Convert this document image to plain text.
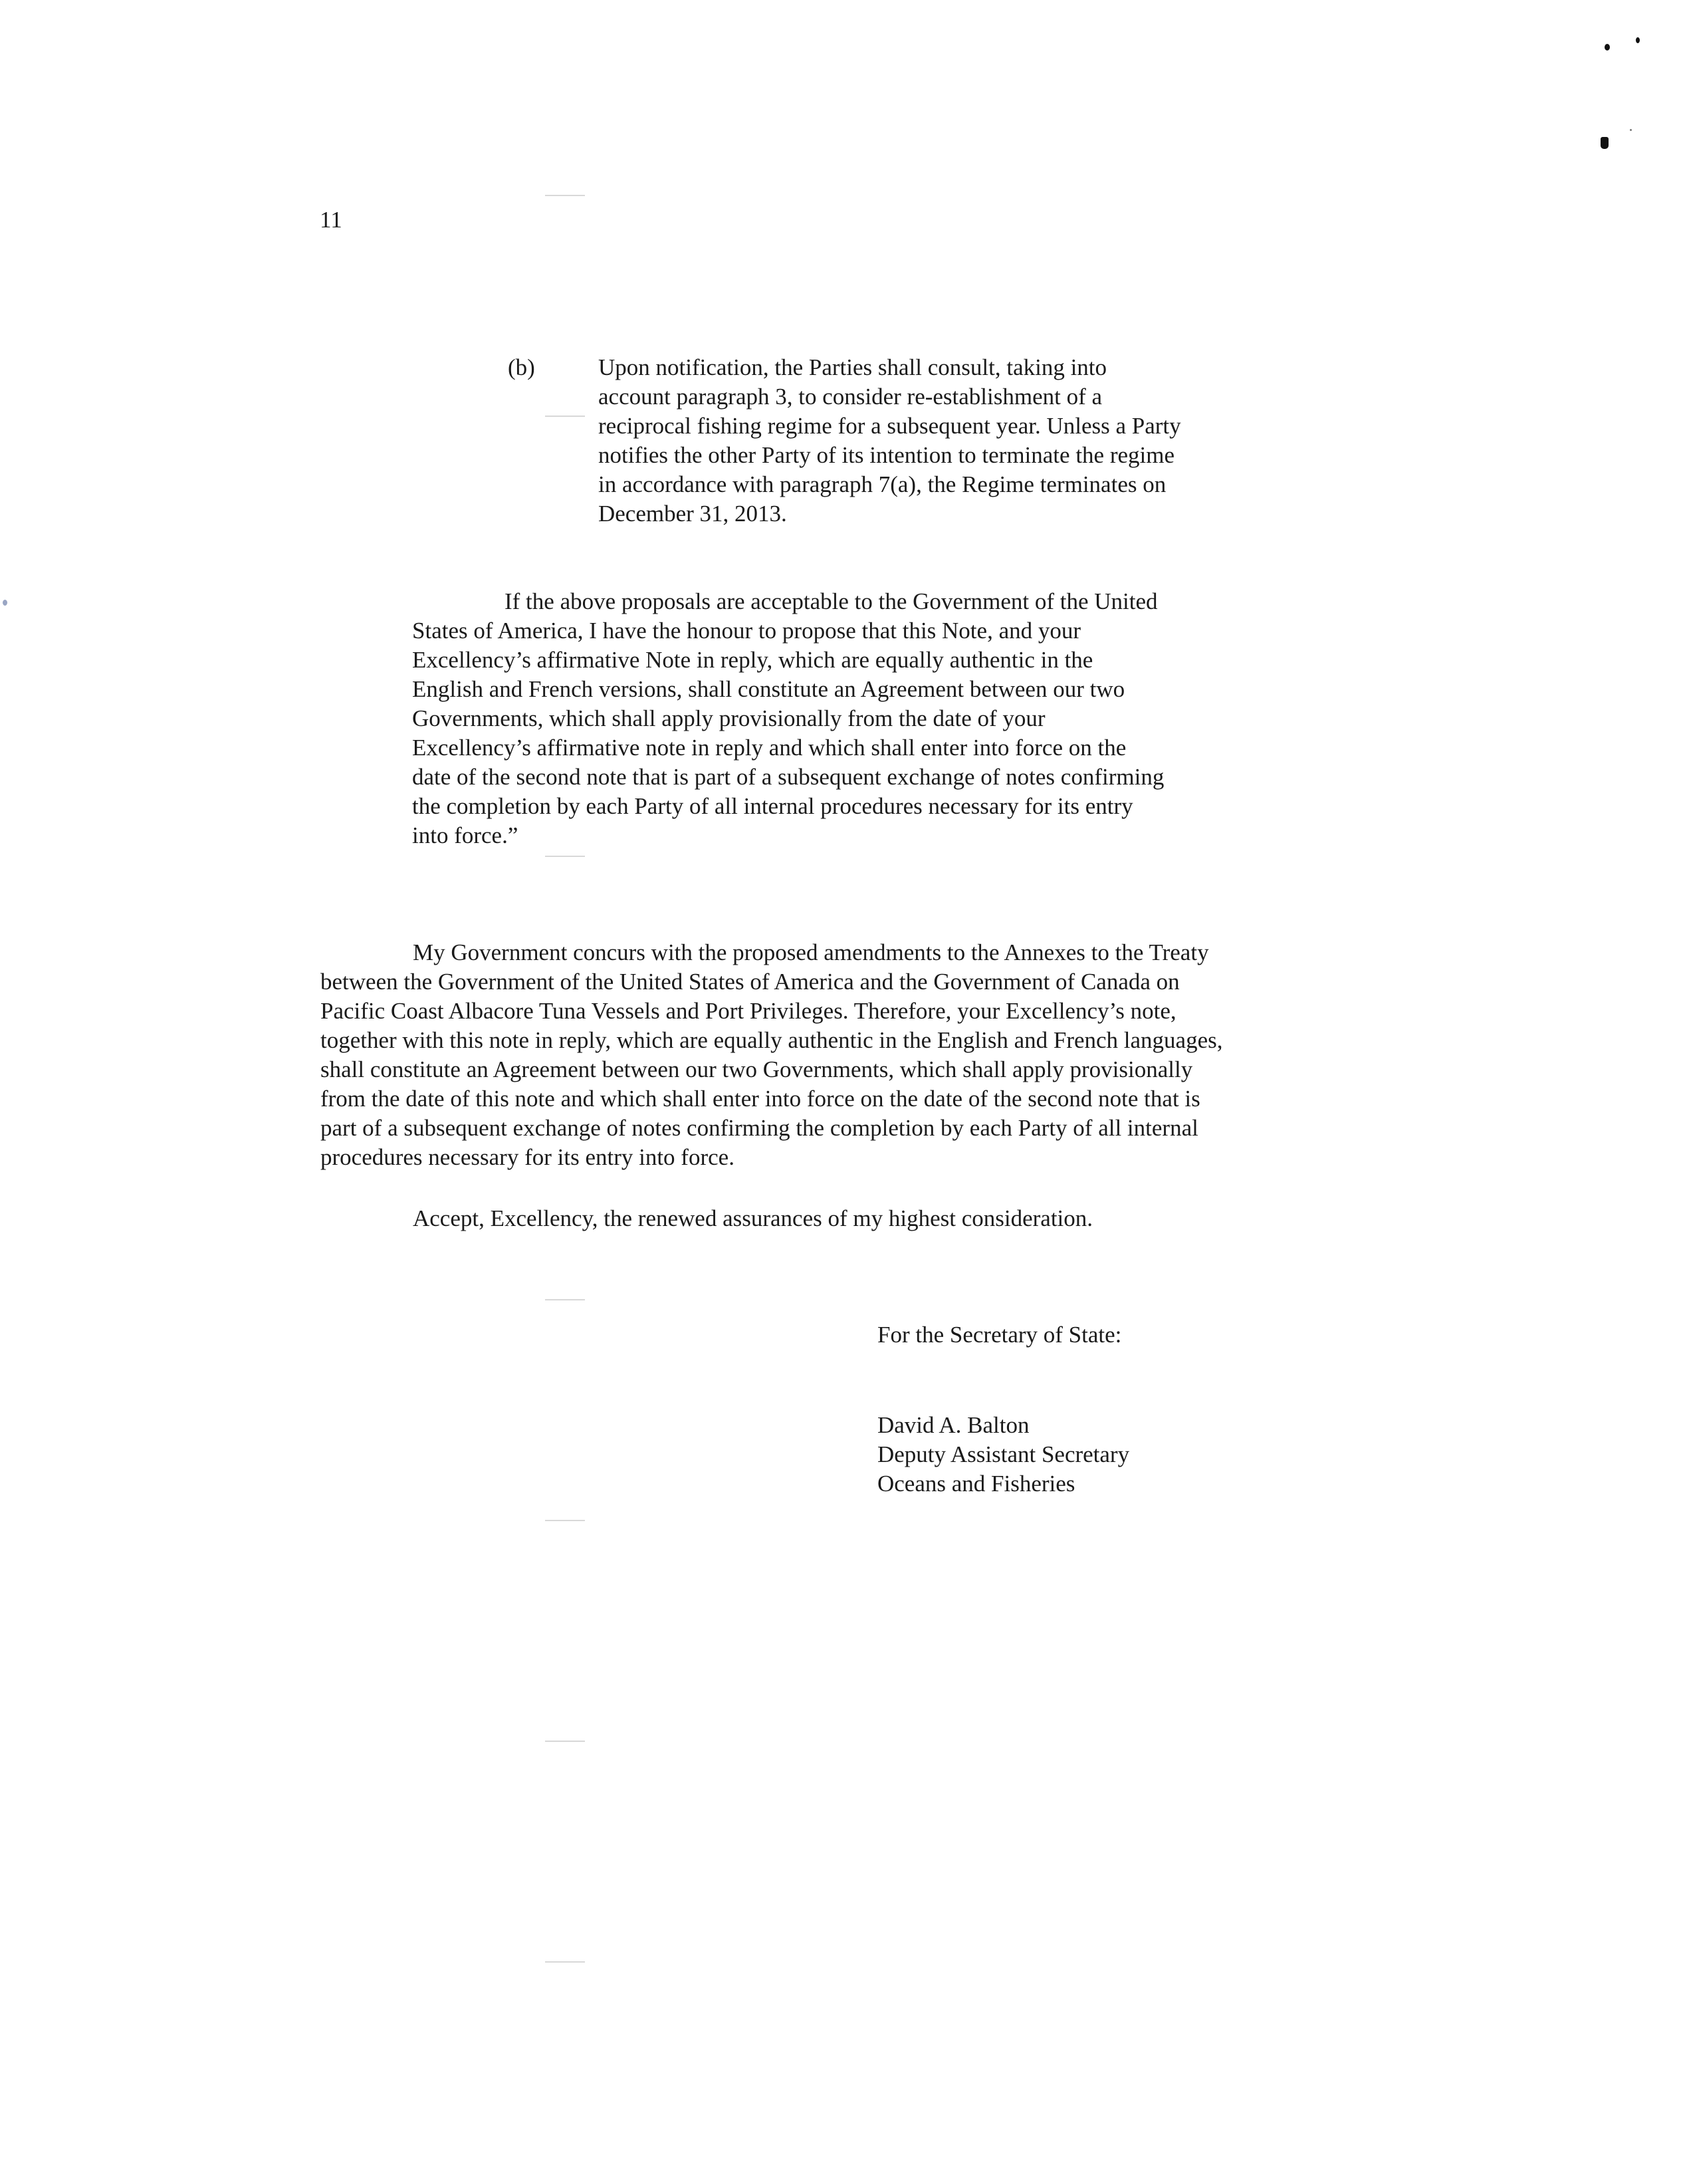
11

(b)	Upon notification, the Parties shall consult, taking into
account paragraph 3, to consider re-establishment of a
reciprocal fishing regime for a subsequent year. Unless a Party
notifies the other Party of its intention to terminate the regime
in accordance with paragraph 7(a), the Regime terminates on
December 31, 2013.

If the above proposals are acceptable to the Government of the United
States of America, I have the honour to propose that this Note, and your
Excellency’s affirmative Note in reply, which are equally authentic in the
English and French versions, shall constitute an Agreement between our two
Governments, which shall apply provisionally from the date of your
Excellency’s affirmative note in reply and which shall enter into force on the
date of the second note that is part of a subsequent exchange of notes confirming
the completion by each Party of all internal procedures necessary for its entry
into force.”

My Government concurs with the proposed amendments to the Annexes to the Treaty
between the Government of the United States of America and the Government of Canada on
Pacific Coast Albacore Tuna Vessels and Port Privileges. Therefore, your Excellency’s note,
together with this note in reply, which are equally authentic in the English and French languages,
shall constitute an Agreement between our two Governments, which shall apply provisionally
from the date of this note and which shall enter into force on the date of the second note that is
part of a subsequent exchange of notes confirming the completion by each Party of all internal
procedures necessary for its entry into force.

Accept, Excellency, the renewed assurances of my highest consideration.

For the Secretary of State:
David A. Balton
Deputy Assistant Secretary
Oceans and Fisheries
